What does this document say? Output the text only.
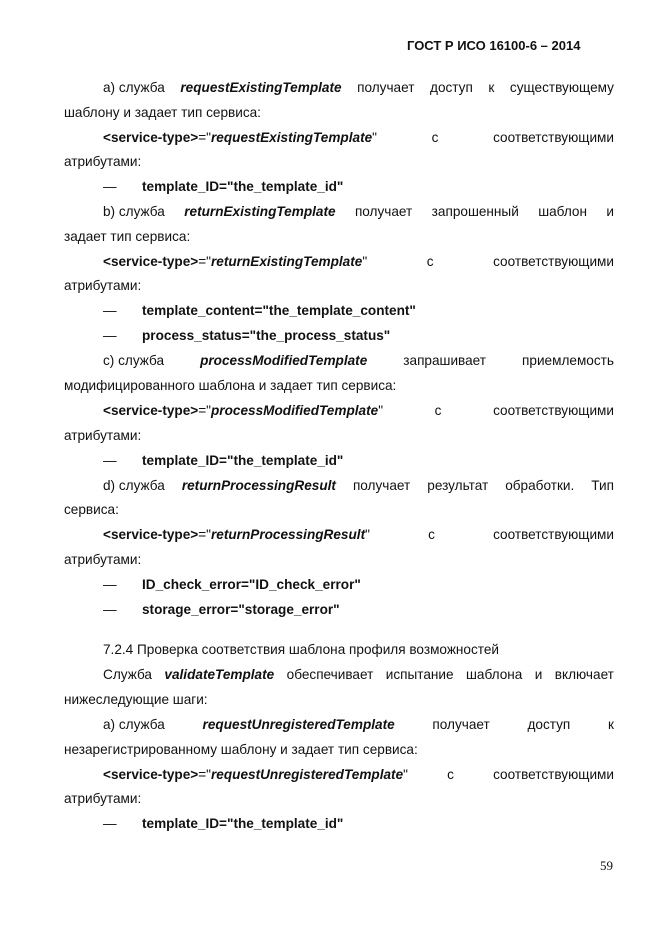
ГОСТ Р ИСО 16100-6 – 2014
а) служба requestExistingTemplate получает доступ к существующему
шаблону и задает тип сервиса:
<service-type>="requestExistingTemplate"	с	соответствующими
атрибутами:
— template_ID="the_template_id"
b) служба returnExistingTemplate получает запрошенный шаблон и
задает тип сервиса:
<service-type>="returnExistingTemplate"	с	соответствующими
атрибутами:
— template_content="the_template_content"
— process_status="the_process_status"
c) служба	processModifiedTemplate	запрашивает	приемлемость
модифицированного шаблона и задает тип сервиса:
<service-type>="processModifiedTemplate"	с	соответствующими
атрибутами:
— template_ID="the_template_id"
d) служба returnProcessingResult получает результат обработки. Тип
сервиса:
<service-type>="returnProcessingResult"	с	соответствующими
атрибутами:
— ID_check_error="ID_check_error"
— storage_error="storage_error"
7.2.4 Проверка соответствия шаблона профиля возможностей
Служба validateTemplate обеспечивает испытание шаблона и включает
нижеследующие шаги:
а) служба	requestUnregisteredTemplate	получает	доступ	к
незарегистрированному шаблону и задает тип сервиса:
<service-type>="requestUnregisteredTemplate"	с	соответствующими
атрибутами:
— template_ID="the_template_id"
59
